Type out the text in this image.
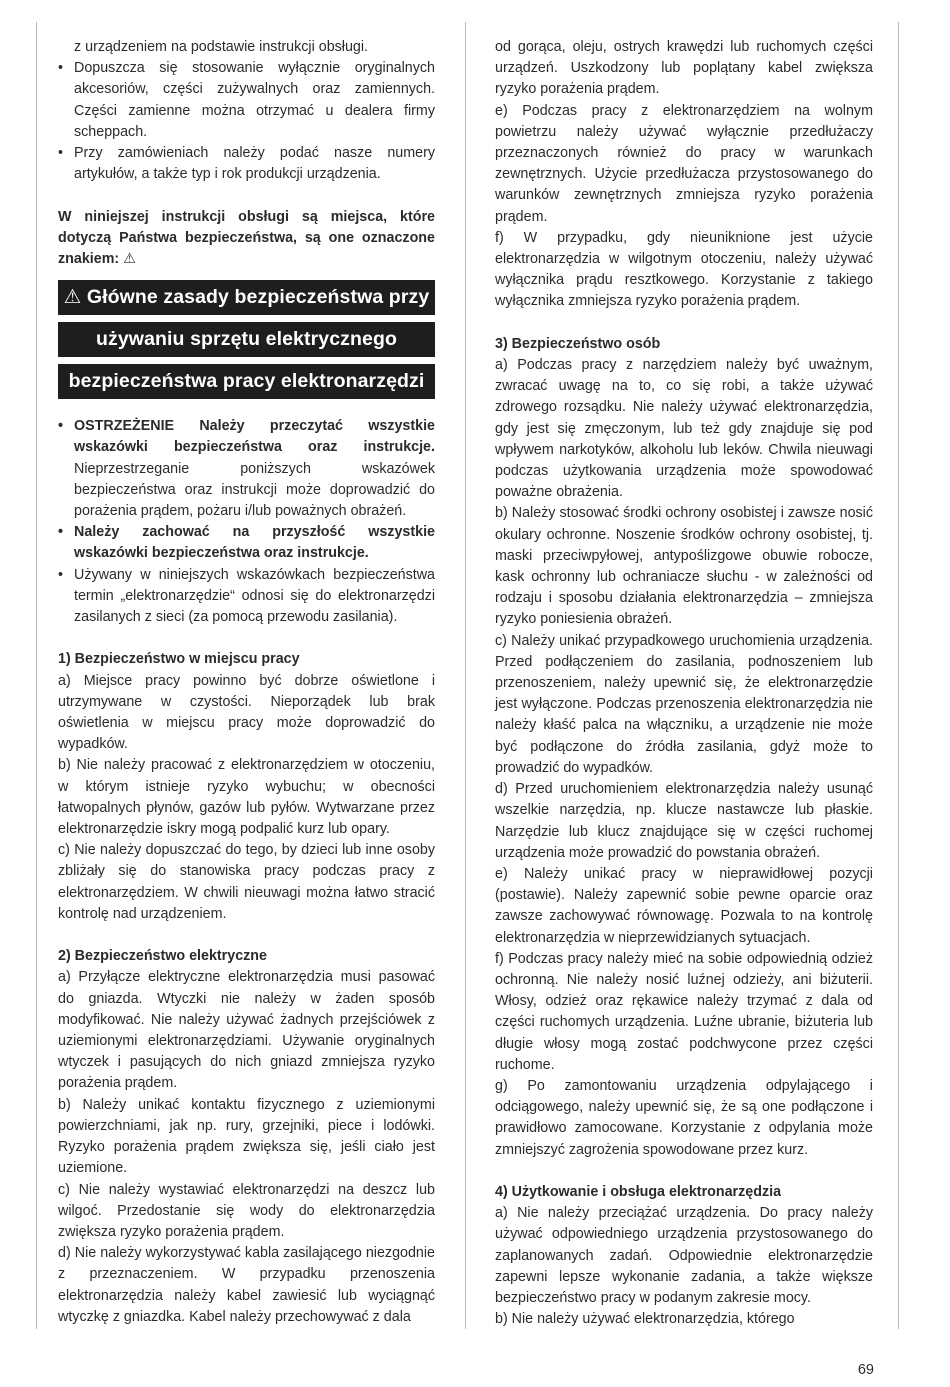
z urządzeniem na podstawie instrukcji obsługi.

• Dopuszcza się stosowanie wyłącznie oryginalnych akcesoriów, części zużywalnych oraz zamiennych. Części zamienne można otrzymać u dealera firmy scheppach.

• Przy zamówieniach należy podać nasze numery artykułów, a także typ i rok produkcji urządzenia.

W niniejszej instrukcji obsługi są miejsca, które dotyczą Państwa bezpieczeństwa, są one oznaczone znakiem: ⚠

⚠ Główne zasady bezpieczeństwa przy
używaniu sprzętu elektrycznego
bezpieczeństwa pracy elektronarzędzi

• OSTRZEŻENIE Należy przeczytać wszystkie wskazówki bezpieczeństwa oraz instrukcje. Nieprzestrzeganie poniższych wskazówek bezpieczeństwa oraz instrukcji może doprowadzić do porażenia prądem, pożaru i/lub poważnych obrażeń.

• Należy zachować na przyszłość wszystkie wskazówki bezpieczeństwa oraz instrukcje.

• Używany w niniejszych wskazówkach bezpieczeństwa termin „elektronarzędzie“ odnosi się do elektronarzędzi zasilanych z sieci (za pomocą przewodu zasilania).

1) Bezpieczeństwo w miejscu pracy

a) Miejsce pracy powinno być dobrze oświetlone i utrzymywane w czystości. Nieporządek lub brak oświetlenia w miejscu pracy może doprowadzić do wypadków.

b) Nie należy pracować z elektronarzędziem w otoczeniu, w którym istnieje ryzyko wybuchu; w obecności łatwopalnych płynów, gazów lub pyłów. Wytwarzane przez elektronarzędzie iskry mogą podpalić kurz lub opary.

c) Nie należy dopuszczać do tego, by dzieci lub inne osoby zbliżały się do stanowiska pracy podczas pracy z elektronarzędziem. W chwili nieuwagi można łatwo stracić kontrolę nad urządzeniem.

2) Bezpieczeństwo elektryczne

a) Przyłącze elektryczne elektronarzędzia musi pasować do gniazda. Wtyczki nie należy w żaden sposób modyfikować. Nie należy używać żadnych przejściówek z uziemionymi elektronarzędziami. Używanie oryginalnych wtyczek i pasujących do nich gniazd zmniejsza ryzyko porażenia prądem.

b) Należy unikać kontaktu fizycznego z uziemionymi powierzchniami, jak np. rury, grzejniki, piece i lodówki. Ryzyko porażenia prądem zwiększa się, jeśli ciało jest uziemione.

c) Nie należy wystawiać elektronarzędzi na deszcz lub wilgoć. Przedostanie się wody do elektronarzędzia zwiększa ryzyko porażenia prądem.

d) Nie należy wykorzystywać kabla zasilającego niezgodnie z przeznaczeniem. W przypadku przenoszenia elektronarzędzia należy kabel zawiesić lub wyciągnąć wtyczkę z gniazdka. Kabel należy przechowywać z dala

od gorąca, oleju, ostrych krawędzi lub ruchomych części urządzeń. Uszkodzony lub poplątany kabel zwiększa ryzyko porażenia prądem.

e) Podczas pracy z elektronarzędziem na wolnym powietrzu należy używać wyłącznie przedłużaczy przeznaczonych również do pracy w warunkach zewnętrznych. Użycie przedłużacza przystosowanego do warunków zewnętrznych zmniejsza ryzyko porażenia prądem.

f) W przypadku, gdy nieuniknione jest użycie elektronarzędzia w wilgotnym otoczeniu, należy używać wyłącznika prądu resztkowego. Korzystanie z takiego wyłącznika zmniejsza ryzyko porażenia prądem.

3) Bezpieczeństwo osób

a) Podczas pracy z narzędziem należy być uważnym, zwracać uwagę na to, co się robi, a także używać zdrowego rozsądku. Nie należy używać elektronarzędzia, gdy jest się zmęczonym, lub też gdy znajduje się pod wpływem narkotyków, alkoholu lub leków. Chwila nieuwagi podczas użytkowania urządzenia może spowodować poważne obrażenia.

b) Należy stosować środki ochrony osobistej i zawsze nosić okulary ochronne. Noszenie środków ochrony osobistej, tj. maski przeciwpyłowej, antypoślizgowe obuwie robocze, kask ochronny lub ochraniacze słuchu - w zależności od rodzaju i sposobu działania elektronarzędzia – zmniejsza ryzyko poniesienia obrażeń.

c) Należy unikać przypadkowego uruchomienia urządzenia. Przed podłączeniem do zasilania, podnoszeniem lub przenoszeniem, należy upewnić się, że elektronarzędzie jest wyłączone. Podczas przenoszenia elektronarzędzia nie należy kłaść palca na włączniku, a urządzenie nie może być podłączone do źródła zasilania, gdyż może to prowadzić do wypadków.

d) Przed uruchomieniem elektronarzędzia należy usunąć wszelkie narzędzia, np. klucze nastawcze lub płaskie. Narzędzie lub klucz znajdujące się w części ruchomej urządzenia może prowadzić do powstania obrażeń.

e) Należy unikać pracy w nieprawidłowej pozycji (postawie). Należy zapewnić sobie pewne oparcie oraz zawsze zachowywać równowagę. Pozwala to na kontrolę elektronarzędzia w nieprzewidzianych sytuacjach.

f) Podczas pracy należy mieć na sobie odpowiednią odzież ochronną. Nie należy nosić luźnej odzieży, ani biżuterii. Włosy, odzież oraz rękawice należy trzymać z dala od części ruchomych urządzenia. Luźne ubranie, biżuteria lub długie włosy mogą zostać podchwycone przez części ruchome.

g) Po zamontowaniu urządzenia odpylającego i odciągowego, należy upewnić się, że są one podłączone i prawidłowo zamocowane. Korzystanie z odpylania może zmniejszyć zagrożenia spowodowane przez kurz.

4) Użytkowanie i obsługa elektronarzędzia

a) Nie należy przeciążać urządzenia. Do pracy należy używać odpowiedniego urządzenia przystosowanego do zaplanowanych zadań. Odpowiednie elektronarzędzie zapewni lepsze wykonanie zadania, a także większe bezpieczeństwo pracy w podanym zakresie mocy.

b) Nie należy używać elektronarzędzia, którego

69
